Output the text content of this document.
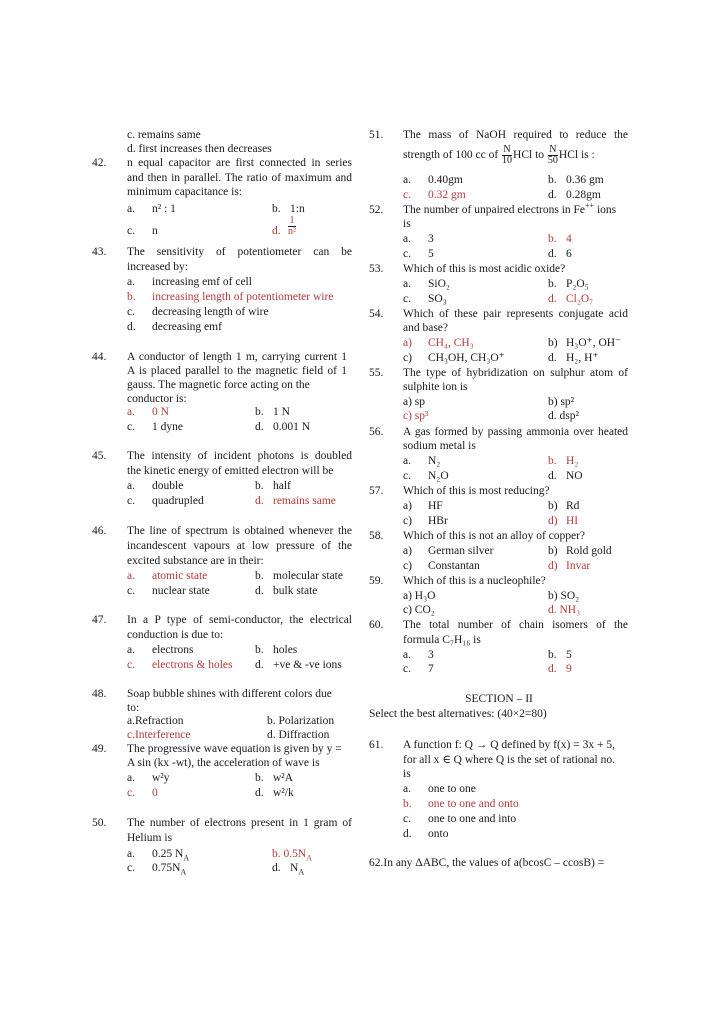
c. remains same
d. first increases then decreases
42. n equal capacitor are first connected in series
and then in parallel. The ratio of maximum and
minimum capacitance is:
a. n² : 1	b. 1:n
c. n	d. $\frac{1}{\text{n²}}$
43. The sensitivity of potentiometer can be
increased by:
a. increasing emf of cell
b. increasing length of potentiometer wire
c. decreasing length of wire
d. decreasing emf
44. A conductor of length 1 m, carrying current 1
A is placed parallel to the magnetic field of 1
gauss. The magnetic force acting on the
conductor is:
a. 0 N	b. 1 N
c. 1 dyne	d. 0.001 N
45. The intensity of incident photons is doubled
the kinetic energy of emitted electron will be
a. double	b. half
c. quadrupled	d. remains same
46. The line of spectrum is obtained whenever the
incandescent vapours at low pressure of the
excited substance are in their:
a. atomic state	b. molecular state
c. nuclear state	d. bulk state
47. In a P type of semi-conductor, the electrical
conduction is due to:
a. electrons	b. holes
c. electrons & holes d. +ve & -ve ions
48. Soap bubble shines with different colors due
to:
a.Refraction	b. Polarization
c.Interference	d. Diffraction
49. The progressive wave equation is given by y =
A sin (kx -wt), the acceleration of wave is
a. w²y	b. w²A
c. 0	d. w²/k
50. The number of electrons present in 1 gram of
Helium is
a. 0.25 $N_A$	b. $0.5N_A$
c. $0.75N_A$	d. $N_A$
51. The mass of NaOH required to reduce the
strength of 100 cc of $\frac{N}{10}$ HCl to $\frac{N}{50}$ HCl is :
a. 0.40gm	b. 0.36 gm
c. 0.32 gm	d. 0.28gm
52. The number of unpaired electrons in Fe++ ions
is
a. 3	b. 4
c. 5	d. 6
53. Which of this is most acidic oxide?
a. SiO₂	b. P₂O₅
c. SO₃	d. Cl₂O₇
54. Which of these pair represents conjugate acid
and base?
a) CH₄, CH₃	b) H₃O⁺, OH⁻
c) CH₃OH, CH₃O⁺	d. H₂, H⁺
55. The type of hybridization on sulphur atom of
sulphite ion is
a) sp	b) sp²
c) sp³	d. dsp²
56. A gas formed by passing ammonia over heated
sodium metal is
a. N₂	b. H₂
c. N₂O	d. NO
57. Which of this is most reducing?
a) HF	b) Rd
c) HBr	d) HI
58. Which of this is not an alloy of copper?
a) German silver	b) Rold gold
c) Constantan	d) Invar
59. Which of this is a nucleophile?
a) H₃O	b) SO₂
c) CO₂	d. NH₃
60. The total number of chain isomers of the
formula C₇H₁₆ is
a. 3	b. 5
c. 7	d. 9
SECTION – II
Select the best alternatives: (40×2=80)
61. A function f: Q → Q defined by f(x) = 3x + 5,
for all x ∈ Q where Q is the set of rational no.
is
a. one to one
b. one to one and onto
c. one to one and into
d. onto
62.In any ΔABC, the values of a(bcosC – ccosB) =
